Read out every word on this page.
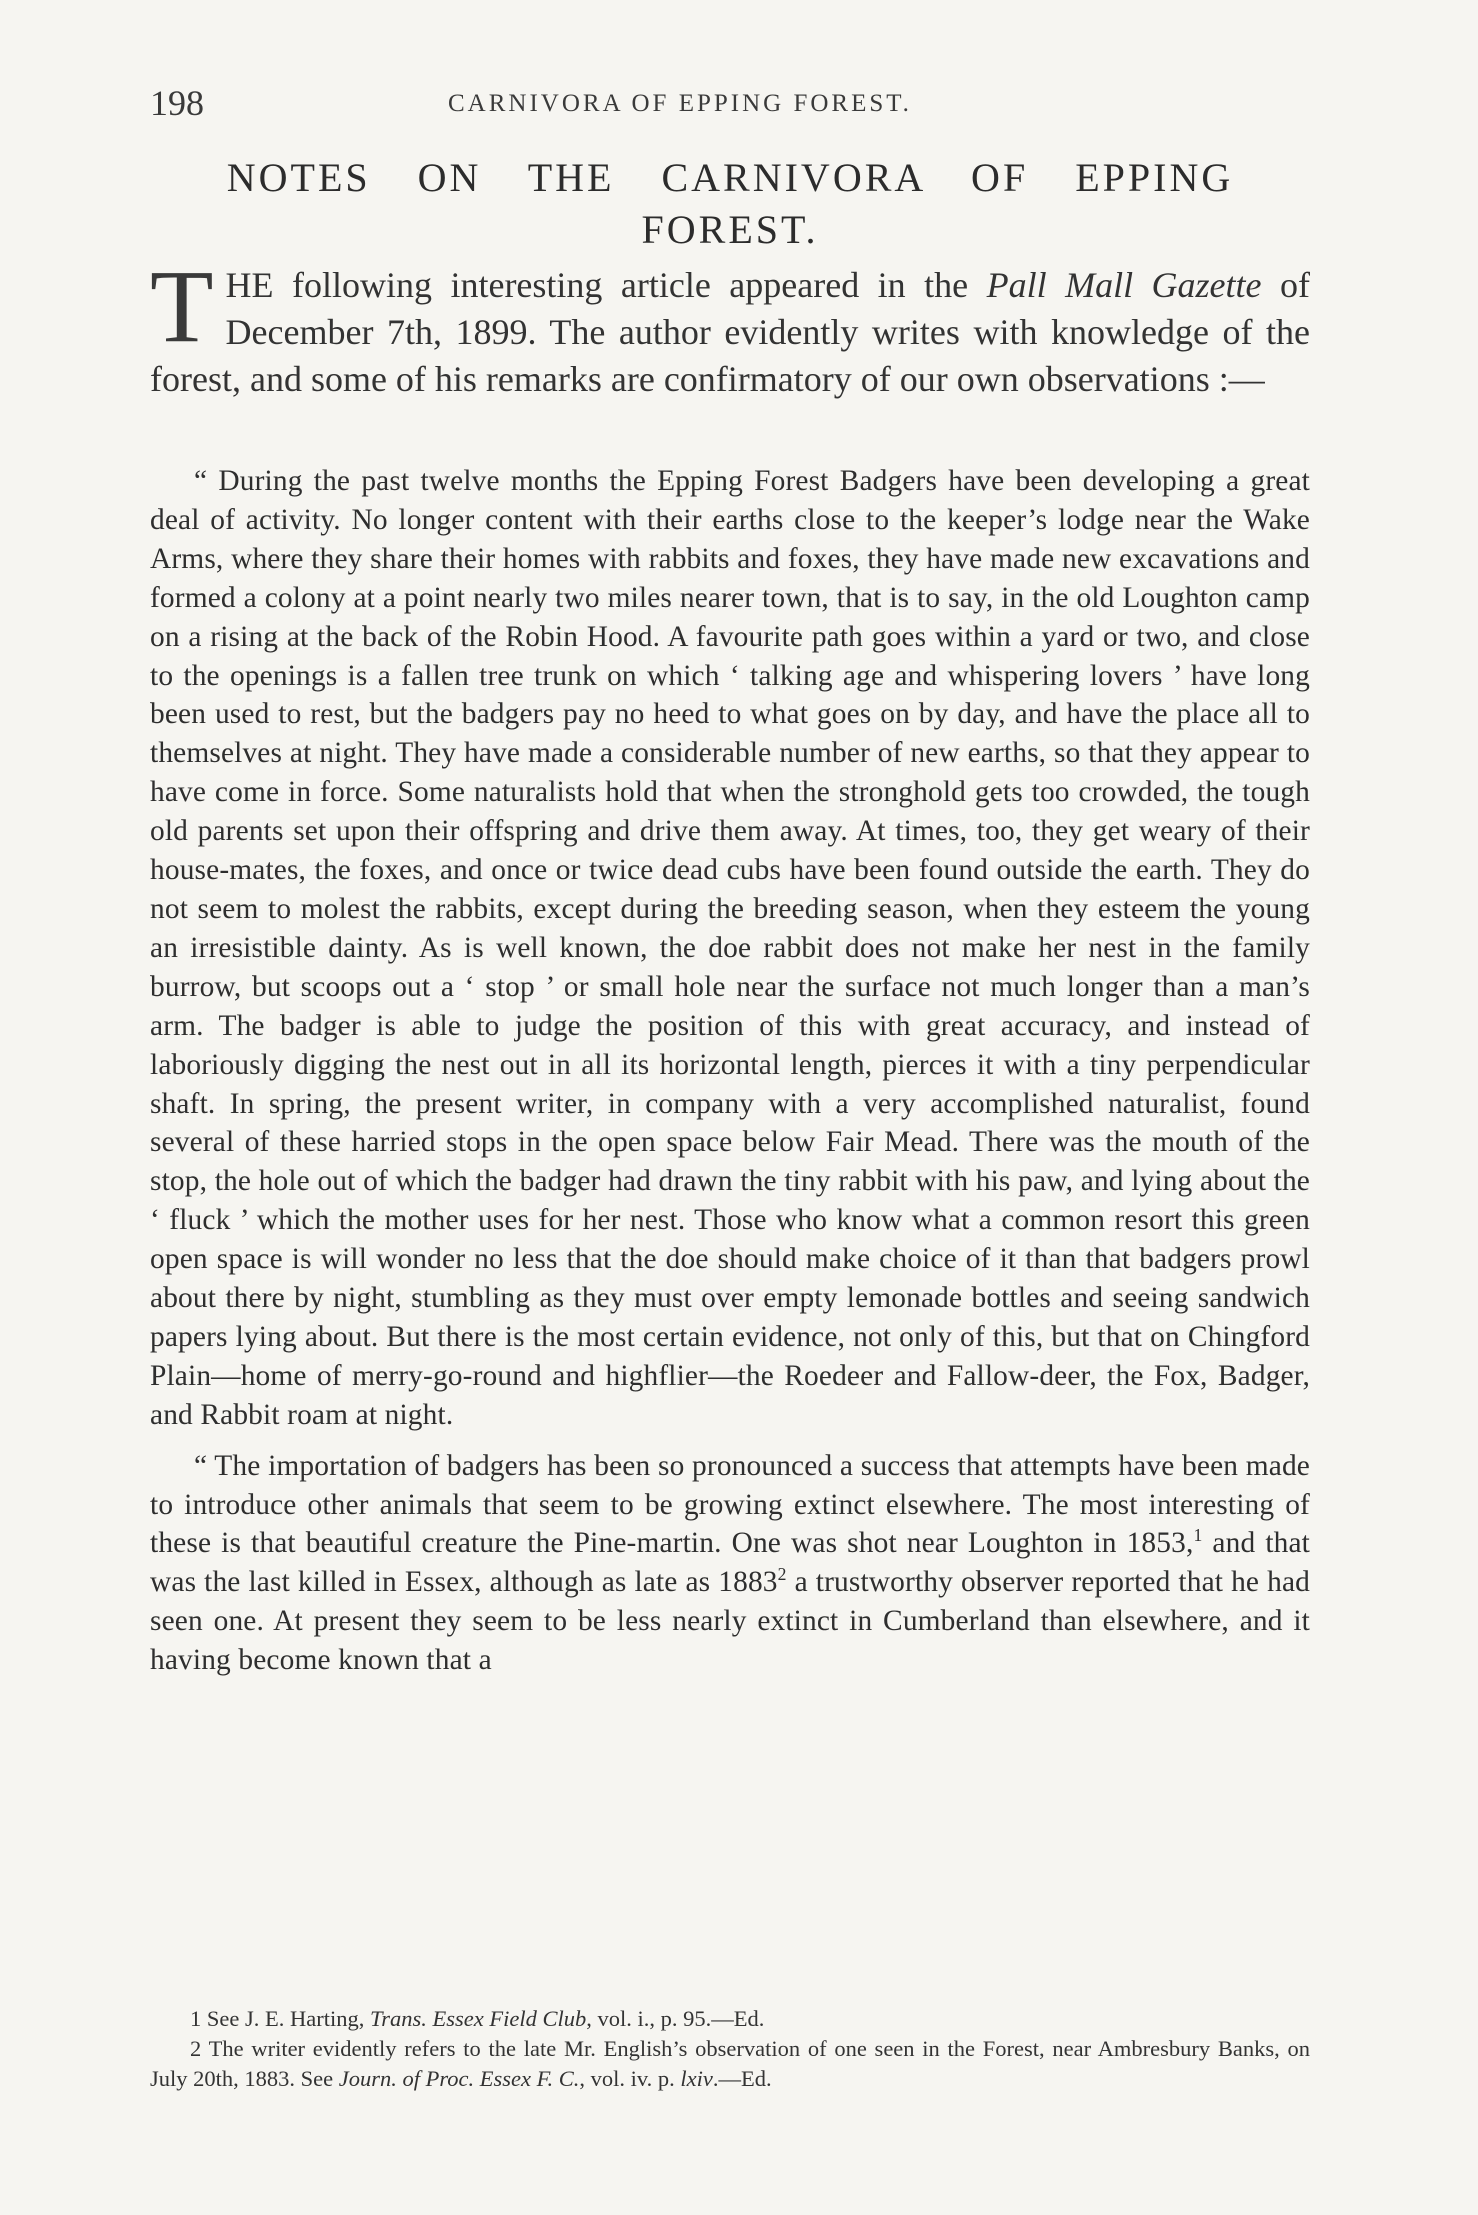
198	CARNIVORA OF EPPING FOREST.
NOTES ON THE CARNIVORA OF EPPING FOREST.

THE following interesting article appeared in the Pall Mall Gazette of December 7th, 1899. The author evidently writes with knowledge of the forest, and some of his remarks are confirmatory of our own observations :—

“ During the past twelve months the Epping Forest Badgers have been developing a great deal of activity. No longer content with their earths close to the keeper’s lodge near the Wake Arms, where they share their homes with rabbits and foxes, they have made new excavations and formed a colony at a point nearly two miles nearer town, that is to say, in the old Loughton camp on a rising at the back of the Robin Hood. A favourite path goes within a yard or two, and close to the openings is a fallen tree trunk on which ‘ talking age and whispering lovers ’ have long been used to rest, but the badgers pay no heed to what goes on by day, and have the place all to themselves at night. They have made a considerable number of new earths, so that they appear to have come in force. Some naturalists hold that when the stronghold gets too crowded, the tough old parents set upon their offspring and drive them away. At times, too, they get weary of their house-mates, the foxes, and once or twice dead cubs have been found outside the earth. They do not seem to molest the rabbits, except during the breeding season, when they esteem the young an irresistible dainty. As is well known, the doe rabbit does not make her nest in the family burrow, but scoops out a ‘ stop ’ or small hole near the surface not much longer than a man’s arm. The badger is able to judge the position of this with great accuracy, and instead of laboriously digging the nest out in all its horizontal length, pierces it with a tiny perpendicular shaft. In spring, the present writer, in company with a very accomplished naturalist, found several of these harried stops in the open space below Fair Mead. There was the mouth of the stop, the hole out of which the badger had drawn the tiny rabbit with his paw, and lying about the ‘ fluck ’ which the mother uses for her nest. Those who know what a common resort this green open space is will wonder no less that the doe should make choice of it than that badgers prowl about there by night, stumbling as they must over empty lemonade bottles and seeing sandwich papers lying about. But there is the most certain evidence, not only of this, but that on Chingford Plain—home of merry-go-round and highflier—the Roedeer and Fallow-deer, the Fox, Badger, and Rabbit roam at night.

“ The importation of badgers has been so pronounced a success that attempts have been made to introduce other animals that seem to be growing extinct elsewhere. The most interesting of these is that beautiful creature the Pine-martin. One was shot near Loughton in 1853,$^1$ and that was the last killed in Essex, although as late as 1883$^2$ a trustworthy observer reported that he had seen one. At present they seem to be less nearly extinct in Cumberland than elsewhere, and it having become known that a

1 See J. E. Harting, Trans. Essex Field Club, vol. i., p. 95.—Ed.

2 The writer evidently refers to the late Mr. English’s observation of one seen in the Forest, near Ambresbury Banks, on July 20th, 1883. See Journ. of Proc. Essex F. C., vol. iv. p. lxiv.—Ed.
